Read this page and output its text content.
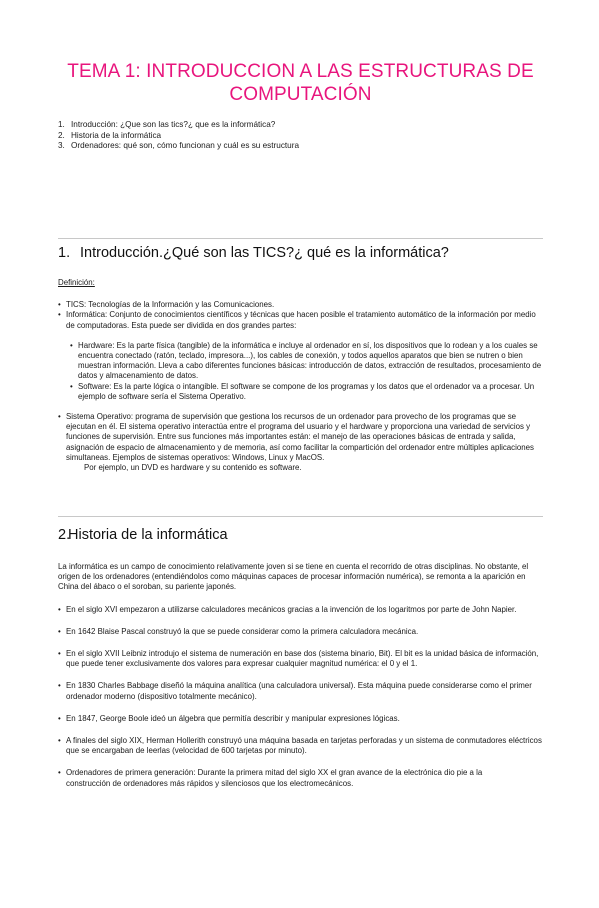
TEMA 1: INTRODUCCION A LAS ESTRUCTURAS DE COMPUTACIÓN
1. Introducción: ¿Que son las tics?¿ que es la informática?
2. Historia de la informática
3. Ordenadores: qué son, cómo funcionan y cuál es su estructura
1. Introducción.¿Qué son las TICS?¿ qué es la informática?
Definición:
• TICS: Tecnologías de la Información y las Comunicaciones.
• Informática: Conjunto de conocimientos científicos y técnicas que hacen posible el tratamiento automático de la información por medio de computadoras. Esta puede ser dividida en dos grandes partes:
• Hardware: Es la parte física (tangible) de la informática e incluye al ordenador en sí, los dispositivos que lo rodean y a los cuales se encuentra conectado (ratón, teclado, impresora...), los cables de conexión, y todos aquellos aparatos que bien se nutren o bien muestran información. Lleva a cabo diferentes funciones básicas: introducción de datos, extracción de resultados, procesamiento de datos y almacenamiento de datos.
• Software: Es la parte lógica o intangible. El software se compone de los programas y los datos que el ordenador va a procesar. Un ejemplo de software sería el Sistema Operativo.
• Sistema Operativo: programa de supervisión que gestiona los recursos de un ordenador para provecho de los programas que se ejecutan en él. El sistema operativo interactúa entre el programa del usuario y el hardware y proporciona una variedad de servicios y funciones de supervisión. Entre sus funciones más importantes están: el manejo de las operaciones básicas de entrada y salida, asignación de espacio de almacenamiento y de memoria, así como facilitar la compartición del ordenador entre múltiples aplicaciones simultaneas. Ejemplos de sistemas operativos: Windows, Linux y MacOS.
Por ejemplo, un DVD es hardware y su contenido es software.
2.Historia de la informática

La informática es un campo de conocimiento relativamente joven si se tiene en cuenta el recorrido de otras disciplinas. No obstante, el origen de los ordenadores (entendiéndolos como máquinas capaces de procesar información numérica), se remonta a la aparición en China del ábaco o el soroban, su pariente japonés.

• En el siglo XVI empezaron a utilizarse calculadores mecánicos gracias a la invención de los logaritmos por parte de John Napier.
• En 1642 Blaise Pascal construyó la que se puede considerar como la primera calculadora mecánica.
• En el siglo XVII Leibniz introdujo el sistema de numeración en base dos (sistema binario, Bit). El bit es la unidad básica de información, que puede tener exclusivamente dos valores para expresar cualquier magnitud numérica: el 0 y el 1.
• En 1830 Charles Babbage diseñó la máquina analítica (una calculadora universal). Esta máquina puede considerarse como el primer ordenador moderno (dispositivo totalmente mecánico).
• En 1847, George Boole ideó un álgebra que permitía describir y manipular expresiones lógicas.
• A finales del siglo XIX, Herman Hollerith construyó una máquina basada en tarjetas perforadas y un sistema de conmutadores eléctricos
que se encargaban de leerlas (velocidad de 600 tarjetas por minuto).
• Ordenadores de primera generación: Durante la primera mitad del siglo XX el gran avance de la electrónica dio pie a la
construcción de ordenadores más rápidos y silenciosos que los electromecánicos.
